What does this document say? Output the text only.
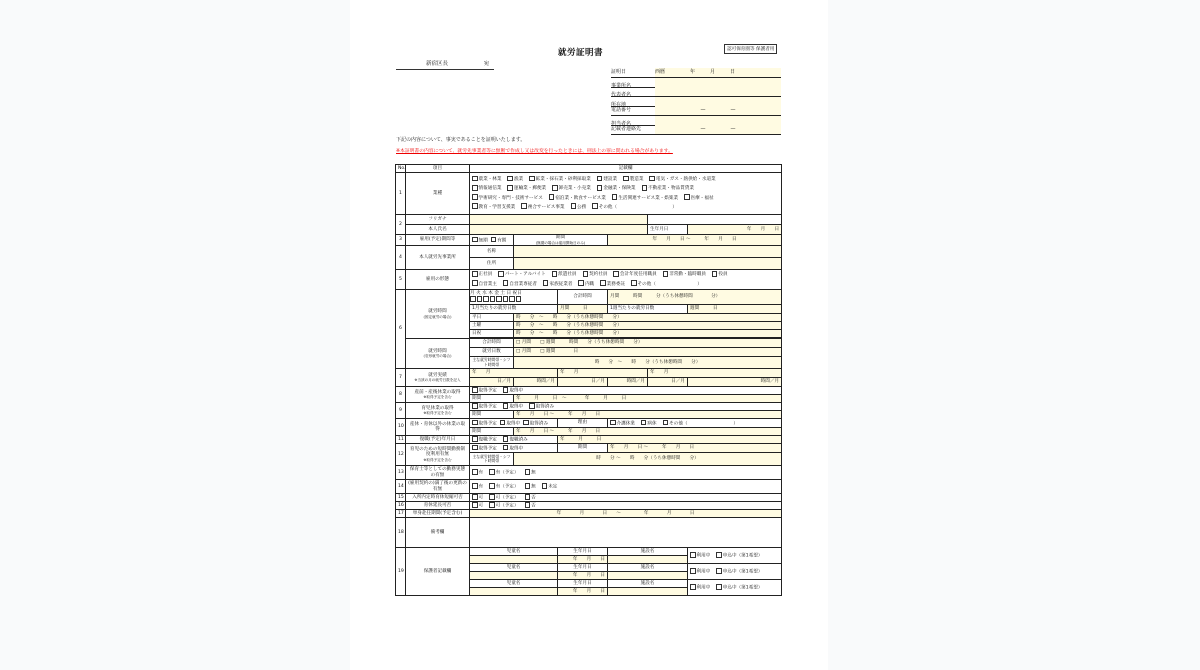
就労証明書	認可保育園等 保護者用
新宿区長	宛
証明日	西暦　　　　　年　　　月　　　日
事業所名
代表者名
所在地
電話番号	—　　　　　—
担当者名
記載者連絡先	—　　　　　—
下記の内容について、事実であることを証明いたします。
※本証明書の内容について、就労先事業者等に無断で作成し又は改変を行ったときには、刑法上の罪に問われる場合があります。
No.	項目	記載欄					
1	業種	農業・林業 漁業 鉱業・採石業・砂利採取業 建設業 製造業 電気・ガス・熱供給・水道業
情報通信業 運輸業・郵便業 卸売業・小売業 金融業・保険業 不動産業・物品賃貸業
学術研究・専門・技術サービス 宿泊業・飲食サービス業 生活関連サービス業・娯楽業 医療・福祉
教育・学習支援業 複合サービス事業 公務 その他（　　　　　　　　　　　　）					
2	フリガナ						
	本人氏名					生年月日	年　　月　　日
3	雇用(予定)期間等	無期 有期	期間
(無期の場合は雇用開始日のみ)		年　　月　　日 〜　　　年　　月　　日		
4	本人就労先事業所	名称					
		住所					
5	雇用の形態	正社員 パート・アルバイト 派遣社員 契約社員 会計年度任用職員 非常勤・臨時職員 役員
自営業主 自営業専従者 家族従業者 内職 業務委託 その他（　　　　　　　　　）					
6	就労時間
(固定就労の場合)	月 火 水 木 金 土 日 祝日		合計時間	月間　　　時間　　　分（うち休憩時間　　　　分）		
		1月当たりの就労日数		月間　　　日	1週当たりの就労日数		週間　　　日
		平日	時　　分　〜　　時　　分（うち休憩時間　　分）				
		土曜	時　　分　〜　　時　　分（うち休憩時間　　分）				
		日祝	時　　分　〜　　時　　分（うち休憩時間　　分）				

	就労時間
(変形就労の場合)	合計時間	□ 月間　　□ 週間　　　時間　　分（うち休憩時間　　分）				
		就労日数	□ 月間　　□ 週間　　　　日				
		主な就労時間帯・シフト時間帯	時　　分　〜　　時　　分（うち休憩時間　　分）				
7	就労実績
※当該の月の就労日数を記入	年　　月		年　　月		年　　月	
		日／月	時間／月	日／月	時間／月	日／月	時間／月
8	産前・産後休業の取得
※取得予定を含む	取得予定 取得中					
		期間	年　　　月　　　日　〜　　　　年　　　月　　　日				
9	育児休業の取得
※取得予定を含む	取得予定 取得中 取得済み					
		期間	年　　月　　日 〜　　　年　　月　　日				
10	産休・育休以外の休業の取得	取得予定 取得中 取得済み		理由	介護休業 病休 その他（　　　　　　　　　　）		
		期間	年　　月　　日 〜　　　年　　月　　日				
11	復職(予定)年月日	復職予定 復職済み		年　　　月　　　日			
12	育児のための短時間勤務制度利用有無
※取得予定を含む	取得予定 取得中		期間	年　　月　　日 〜　　　年　　月　　日		
		主な就労時間帯・シフト時間帯	時　　分 〜　　時　　分（うち休憩時間　　分）				
13	保育士等としての勤務実態の有無	有 有（予定） 無					
14	(雇用契約の)満了後の更新の有無	有 有（予定） 無 未定					
15	入所内定時育休短縮可否	可 可（予定） 否					
16	育休延長可否	可 可（予定） 否					
17	単身赴任期間(予定含む)	年　　　　月　　　　日　　〜　　　　　年　　　　月　　　　日					
18	備考欄						
19	保護者記載欄	児童名		生年月日	施設名		利用中 申込中（第1希望）
				年　　月　　日			
		児童名		生年月日	施設名		利用中 申込中（第1希望）
				年　　月　　日			
		児童名		生年月日	施設名		利用中 申込中（第1希望）
				年　　月　　日			
